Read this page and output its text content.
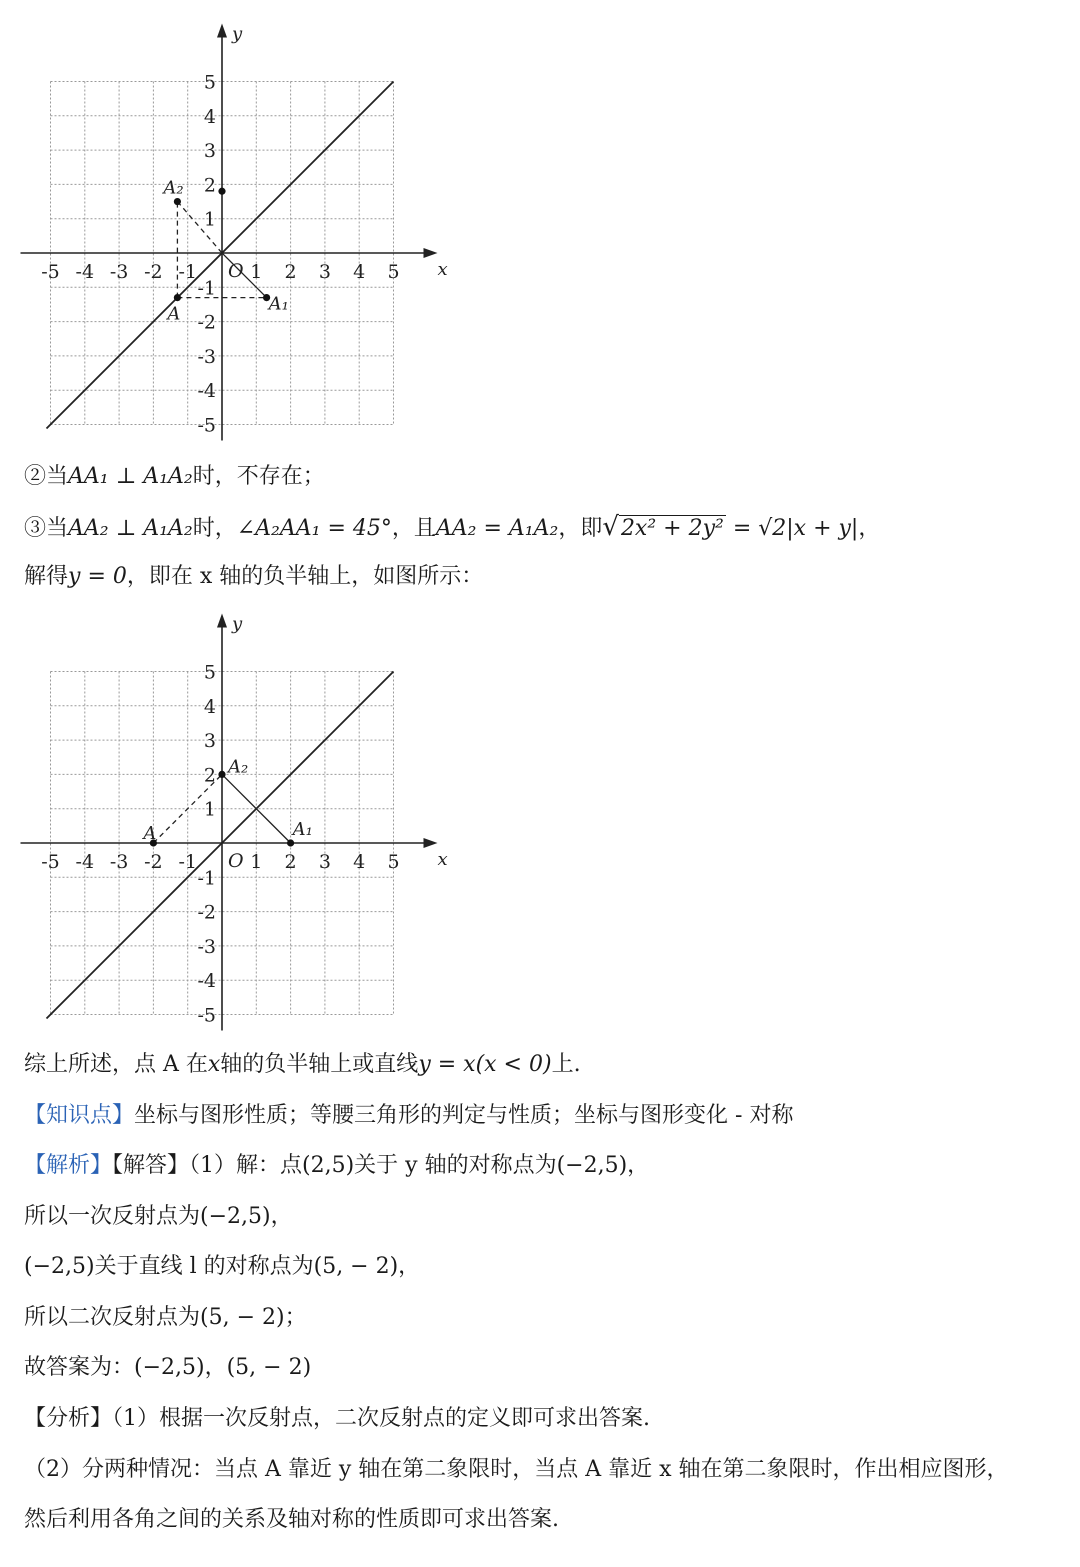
x
y
-5 -4 -3 -2 -1	1 2 3 4 5
5
4
3
2
1
-1
-2
-3
-4
-5
O
A	A₁
A₂
②当AA₁ ⊥ A₁A₂时，不存在；
③当AA₂ ⊥ A₁A₂时，∠A₂AA₁ = 45°，且AA₂ = A₁A₂，即√2x² + 2y² = √2|x + y|，
解得y = 0，即在 x 轴的负半轴上，如图所示：
x
y
-5 -4 -3 -2 -1	1 2 3 4 5
5
4
3
2
1
-1
-2
-3
-4
-5
O
A	A₁
A₂
综上所述，点 A 在x轴的负半轴上或直线y = x(x < 0)上.
【知识点】坐标与图形性质；等腰三角形的判定与性质；坐标与图形变化 - 对称
【解析】【解答】（1）解：点(2,5)关于 y 轴的对称点为(−2,5)，
所以一次反射点为(−2,5)，
(−2,5)关于直线 l 的对称点为(5, − 2)，
所以二次反射点为(5, − 2)；
故答案为：(−2,5)，(5, − 2)
【分析】（1）根据一次反射点，二次反射点的定义即可求出答案.
（2）分两种情况：当点 A 靠近 y 轴在第二象限时，当点 A 靠近 x 轴在第二象限时，作出相应图形，
然后利用各角之间的关系及轴对称的性质即可求出答案.
